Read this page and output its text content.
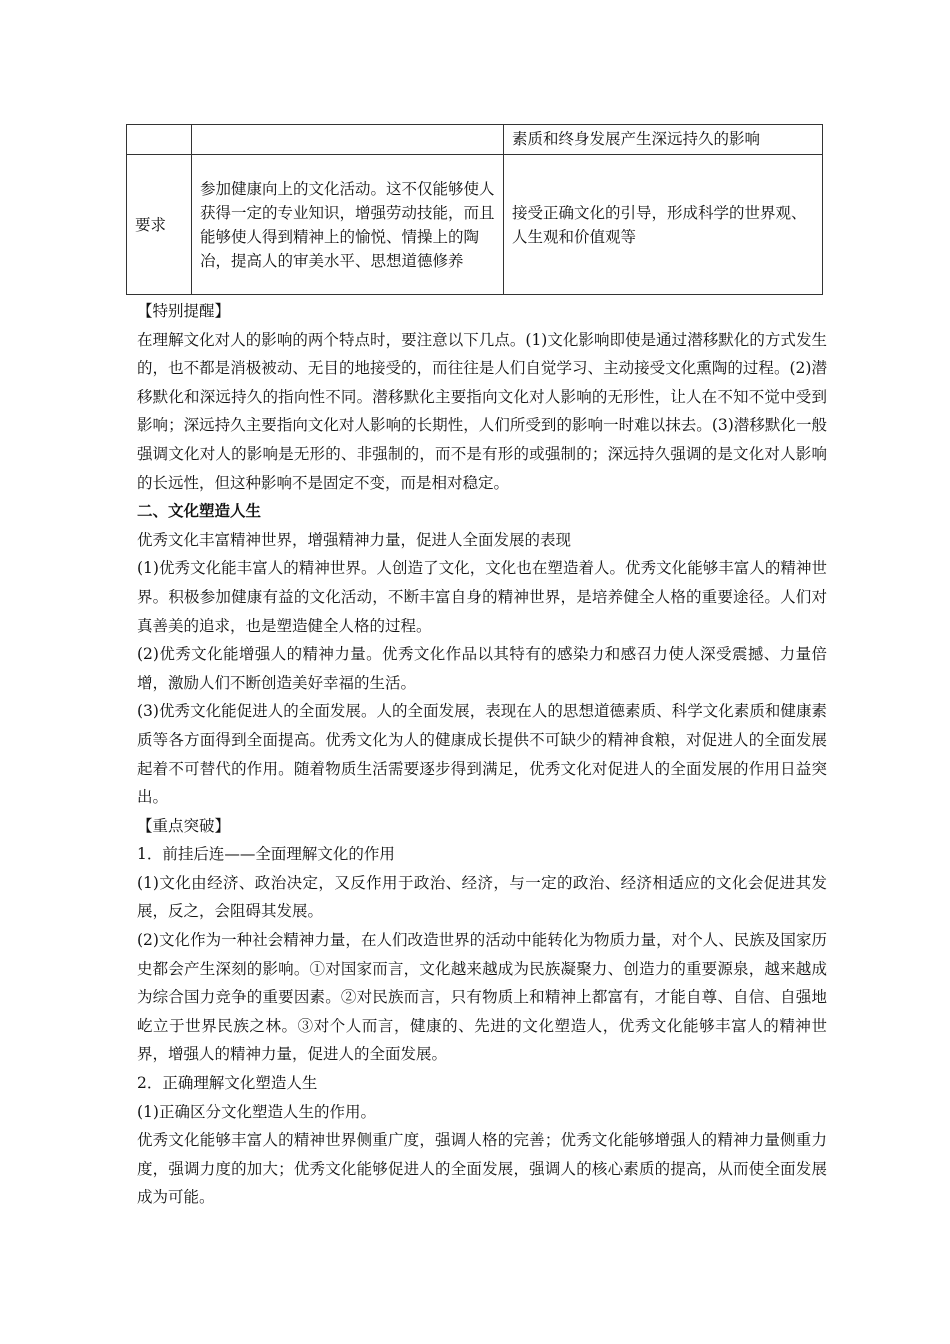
		素质和终身发展产生深远持久的影响
要求	参加健康向上的文化活动。这不仅能够使人获得一定的专业知识，增强劳动技能，而且能够使人得到精神上的愉悦、情操上的陶冶，提高人的审美水平、思想道德修养	接受正确文化的引导，形成科学的世界观、人生观和价值观等

【特别提醒】

在理解文化对人的影响的两个特点时，要注意以下几点。(1)文化影响即使是通过潜移默化的方式发生的，也不都是消极被动、无目的地接受的，而往往是人们自觉学习、主动接受文化熏陶的过程。(2)潜移默化和深远持久的指向性不同。潜移默化主要指向文化对人影响的无形性，让人在不知不觉中受到影响；深远持久主要指向文化对人影响的长期性，人们所受到的影响一时难以抹去。(3)潜移默化一般强调文化对人的影响是无形的、非强制的，而不是有形的或强制的；深远持久强调的是文化对人影响的长远性，但这种影响不是固定不变，而是相对稳定。

二、文化塑造人生

优秀文化丰富精神世界，增强精神力量，促进人全面发展的表现

(1)优秀文化能丰富人的精神世界。人创造了文化，文化也在塑造着人。优秀文化能够丰富人的精神世界。积极参加健康有益的文化活动，不断丰富自身的精神世界，是培养健全人格的重要途径。人们对真善美的追求，也是塑造健全人格的过程。

(2)优秀文化能增强人的精神力量。优秀文化作品以其特有的感染力和感召力使人深受震撼、力量倍增，激励人们不断创造美好幸福的生活。

(3)优秀文化能促进人的全面发展。人的全面发展，表现在人的思想道德素质、科学文化素质和健康素质等各方面得到全面提高。优秀文化为人的健康成长提供不可缺少的精神食粮，对促进人的全面发展起着不可替代的作用。随着物质生活需要逐步得到满足，优秀文化对促进人的全面发展的作用日益突出。

【重点突破】

1．前挂后连——全面理解文化的作用

(1)文化由经济、政治决定，又反作用于政治、经济，与一定的政治、经济相适应的文化会促进其发展，反之，会阻碍其发展。

(2)文化作为一种社会精神力量，在人们改造世界的活动中能转化为物质力量，对个人、民族及国家历史都会产生深刻的影响。①对国家而言，文化越来越成为民族凝聚力、创造力的重要源泉，越来越成为综合国力竞争的重要因素。②对民族而言，只有物质上和精神上都富有，才能自尊、自信、自强地屹立于世界民族之林。③对个人而言，健康的、先进的文化塑造人，优秀文化能够丰富人的精神世界，增强人的精神力量，促进人的全面发展。

2．正确理解文化塑造人生

(1)正确区分文化塑造人生的作用。

优秀文化能够丰富人的精神世界侧重广度，强调人格的完善；优秀文化能够增强人的精神力量侧重力度，强调力度的加大；优秀文化能够促进人的全面发展，强调人的核心素质的提高，从而使全面发展成为可能。
